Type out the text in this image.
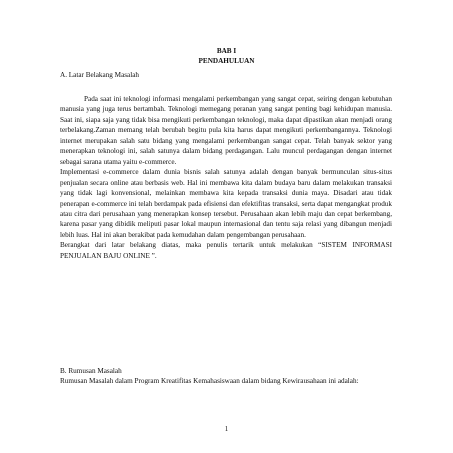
BAB I
PENDAHULUAN
A. Latar Belakang Masalah

Pada saat ini teknologi informasi mengalami perkembangan yang sangat cepat, seiring dengan kebutuhan manusia yang juga terus bertambah. Teknologi memegang peranan yang sangat penting bagi kehidupan manusia. Saat ini, siapa saja yang tidak bisa mengikuti perkembangan teknologi, maka dapat dipastikan akan menjadi orang terbelakang.Zaman memang telah berubah begitu pula kita harus dapat mengikuti perkembangannya. Teknologi internet merupakan salah satu bidang yang mengalami perkembangan sangat cepat. Telah banyak sektor yang menerapkan teknologi ini, salah satunya dalam bidang perdagangan. Lalu muncul perdagangan dengan internet sebagai sarana utama yaitu e-commerce.

Implementasi e-commerce dalam dunia bisnis salah satunya adalah dengan banyak bermunculan situs-situs penjualan secara online atau berbasis web. Hal ini membawa kita dalam budaya baru dalam melakukan transaksi yang tidak lagi konvensional, melainkan membawa kita kepada transaksi dunia maya. Disadari atau tidak penerapan e-commerce ini telah berdampak pada efisiensi dan efektifitas transaksi, serta dapat mengangkat produk atau citra dari perusahaan yang menerapkan konsep tersebut. Perusahaan akan lebih maju dan cepat berkembang, karena pasar yang dibidik meliputi pasar lokal maupun internasional dan tentu saja relasi yang dibangun menjadi lebih luas. Hal ini akan berakibat pada kemudahan dalam pengembangan perusahaan.

Berangkat dari latar belakang diatas, maka penulis tertarik untuk melakukan “SISTEM INFORMASI PENJUALAN BAJU ONLINE ”.

B. Rumusan Masalah

Rumusan Masalah dalam Program Kreatifitas Kemahasiswaan dalam bidang Kewirausahaan ini adalah:

1
